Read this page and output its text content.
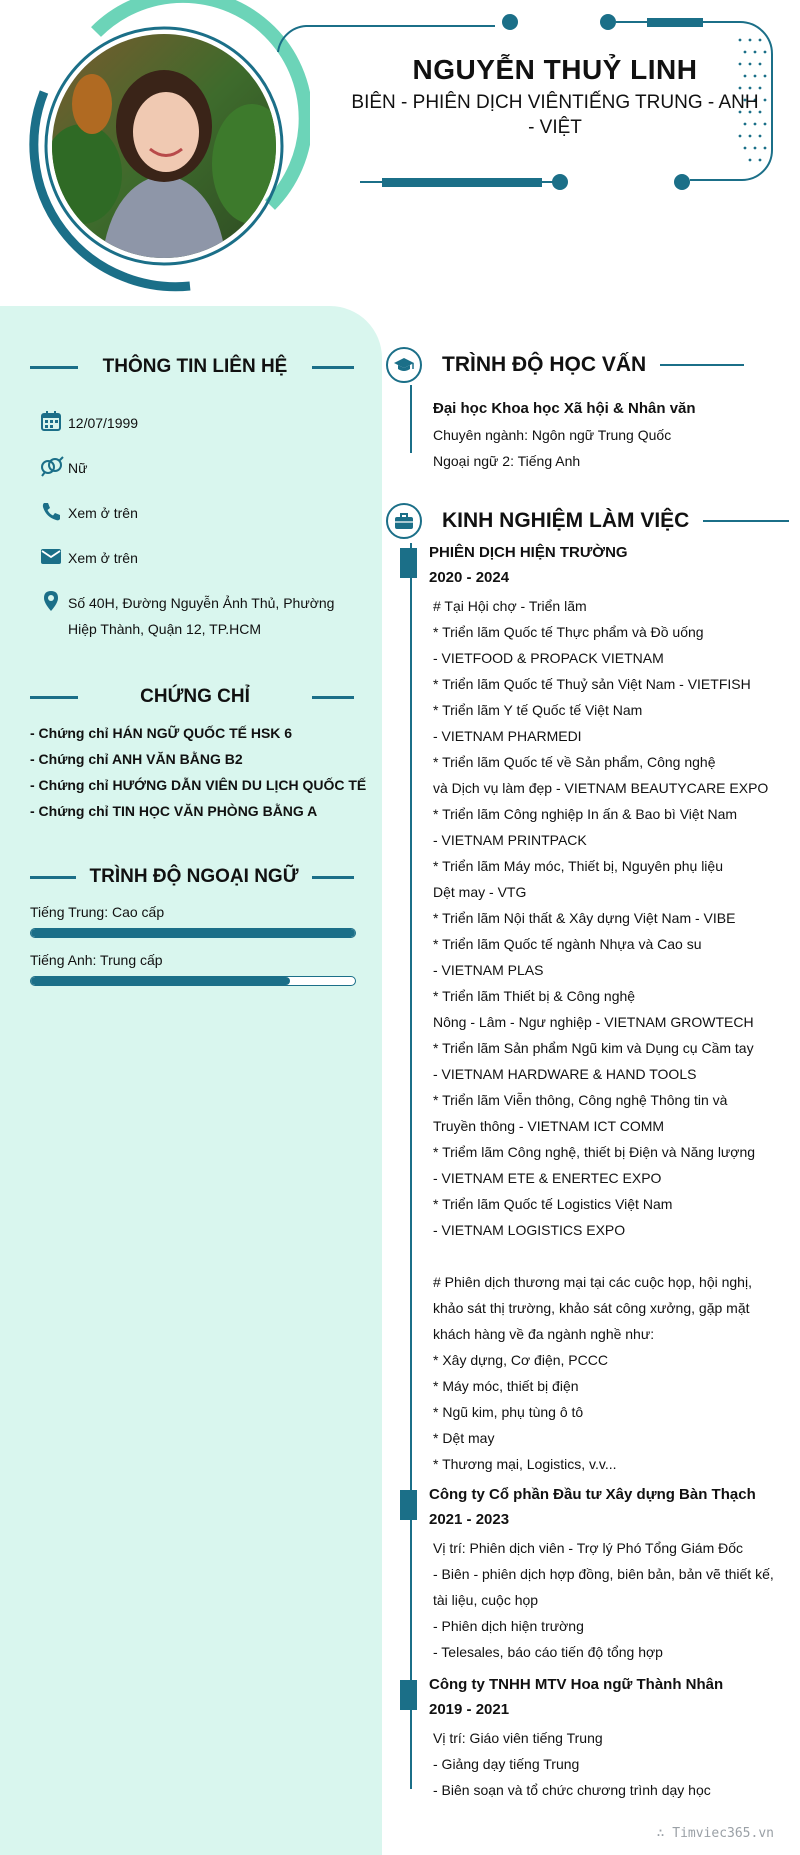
NGUYỄN THUỶ LINH
BIÊN - PHIÊN DỊCH VIÊNTIẾNG TRUNG - ANH - VIỆT
THÔNG TIN LIÊN HỆ
12/07/1999
Nữ
Xem ở trên
Xem ở trên
Số 40H, Đường Nguyễn Ảnh Thủ, Phường
Hiệp Thành, Quận 12, TP.HCM
CHỨNG CHỈ
- Chứng chỉ HÁN NGỮ QUỐC TẾ HSK 6
- Chứng chỉ ANH VĂN BẰNG B2
- Chứng chỉ HƯỚNG DẪN VIÊN DU LỊCH QUỐC TẾ
- Chứng chỉ TIN HỌC VĂN PHÒNG BẰNG A
TRÌNH ĐỘ NGOẠI NGỮ
Tiếng Trung: Cao cấp
Tiếng Anh: Trung cấp
TRÌNH ĐỘ HỌC VẤN
Đại học Khoa học Xã hội & Nhân văn
Chuyên ngành: Ngôn ngữ Trung Quốc
Ngoại ngữ 2: Tiếng Anh
KINH NGHIỆM LÀM VIỆC
PHIÊN DỊCH HIỆN TRƯỜNG
2020 - 2024
# Tại Hội chợ - Triển lãm
* Triển lãm Quốc tế Thực phẩm và Đồ uống
- VIETFOOD & PROPACK VIETNAM
* Triển lãm Quốc tế Thuỷ sản Việt Nam - VIETFISH
* Triển lãm Y tế Quốc tế Việt Nam
- VIETNAM PHARMEDI
* Triển lãm Quốc tế về Sản phẩm, Công nghệ
và Dịch vụ làm đẹp - VIETNAM BEAUTYCARE EXPO
* Triển lãm Công nghiệp In ấn & Bao bì Việt Nam
- VIETNAM PRINTPACK
* Triển lãm Máy móc, Thiết bị, Nguyên phụ liệu
Dệt may - VTG
* Triển lãm Nội thất & Xây dựng Việt Nam - VIBE
* Triển lãm Quốc tế ngành Nhựa và Cao su
- VIETNAM PLAS
* Triển lãm Thiết bị & Công nghệ
Nông - Lâm - Ngư nghiệp - VIETNAM GROWTECH
* Triển lãm Sản phẩm Ngũ kim và Dụng cụ Cầm tay
- VIETNAM HARDWARE & HAND TOOLS
* Triển lãm Viễn thông, Công nghệ Thông tin và
Truyền thông - VIETNAM ICT COMM
* Triểm lãm Công nghệ, thiết bị Điện và Năng lượng
- VIETNAM ETE & ENERTEC EXPO
* Triển lãm Quốc tế Logistics Việt Nam
- VIETNAM LOGISTICS EXPO
# Phiên dịch thương mại tại các cuộc họp, hội nghị,
khảo sát thị trường, khảo sát công xưởng, gặp mặt
khách hàng về đa ngành nghề như:
* Xây dựng, Cơ điện, PCCC
* Máy móc, thiết bị điện
* Ngũ kim, phụ tùng ô tô
* Dệt may
* Thương mại, Logistics, v.v...
Công ty Cổ phần Đầu tư Xây dựng Bàn Thạch
2021 - 2023
Vị trí: Phiên dịch viên - Trợ lý Phó Tổng Giám Đốc
- Biên - phiên dịch hợp đồng, biên bản, bản vẽ thiết kế,
tài liệu, cuộc họp
- Phiên dịch hiện trường
- Telesales, báo cáo tiến độ tổng hợp
Công ty TNHH MTV Hoa ngữ Thành Nhân
2019 - 2021
Vị trí: Giáo viên tiếng Trung
- Giảng dạy tiếng Trung
- Biên soạn và tổ chức chương trình dạy học
∴ Timviec365.vn
